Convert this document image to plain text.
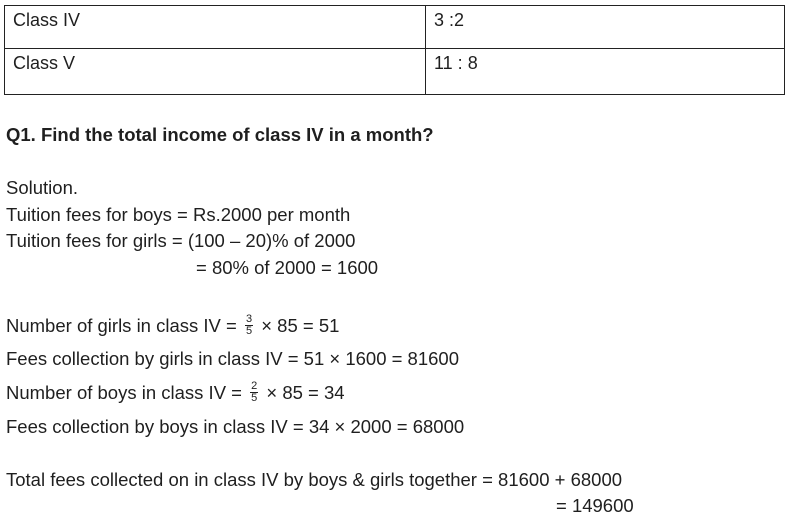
Class IV	3 :2
Class V	11 : 8
Q1. Find the total income of class IV in a month?
Solution.
Tuition fees for boys = Rs.2000 per month
Tuition fees for girls = (100 – 20)% of 2000
= 80% of 2000 = 1600
Number of girls in class IV = $\frac{3}{5} \times 85 = 51$
Fees collection by girls in class IV = 51 × 1600 = 81600
Number of boys in class IV = $\frac{2}{5} \times 85 = 34$
Fees collection by boys in class IV = 34 × 2000 = 68000
Total fees collected on in class IV by boys & girls together = 81600 + 68000
= 149600
